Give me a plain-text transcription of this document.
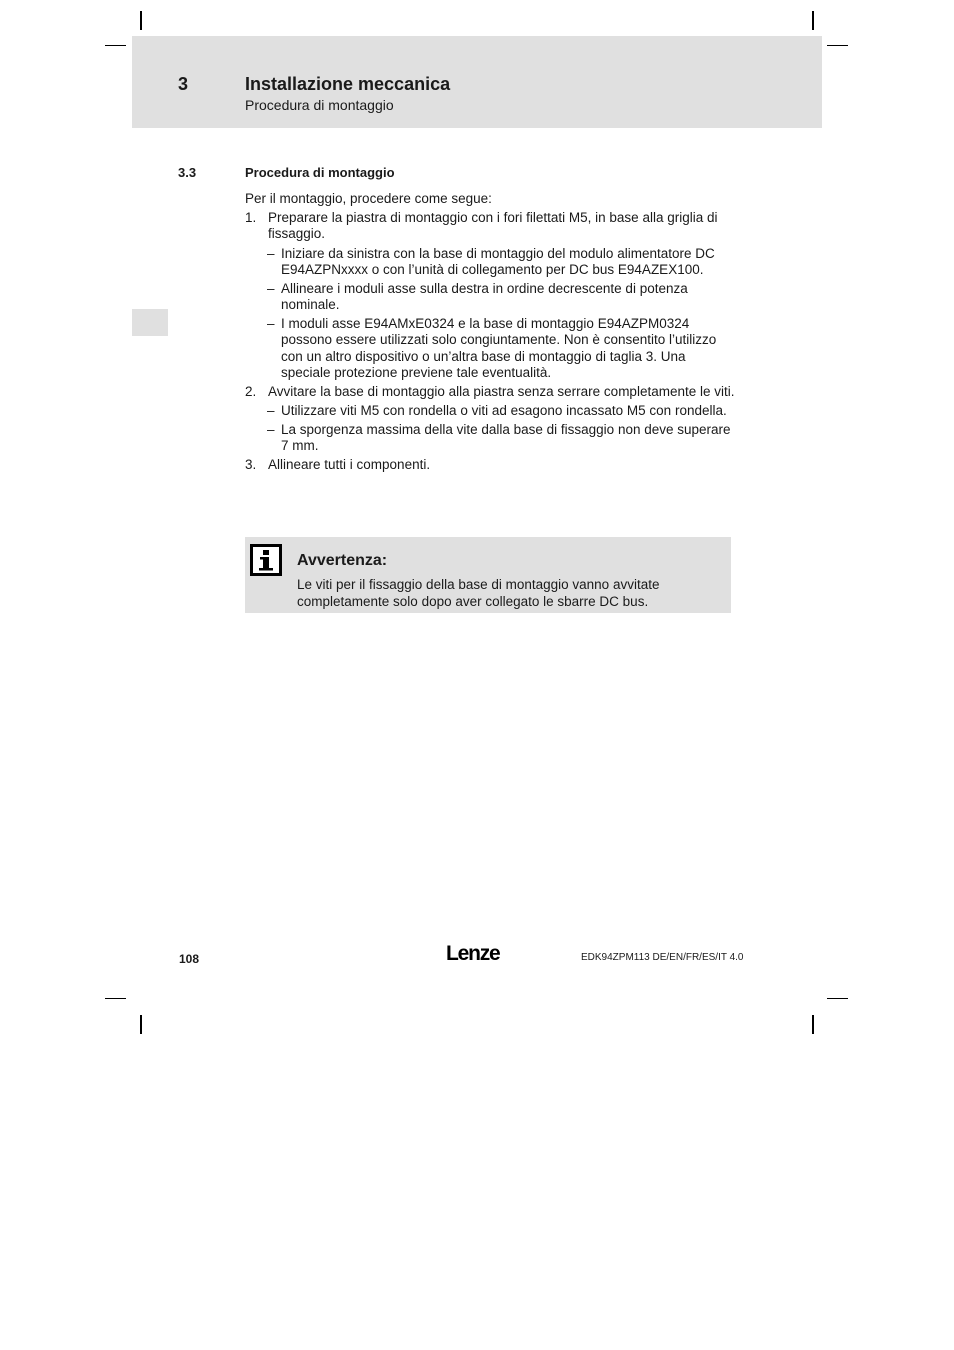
3	Installazione meccanica
Procedura di montaggio
3.3	Procedura di montaggio

Per il montaggio, procedere come segue:

1. Preparare la piastra di montaggio con i fori filettati M5, in base alla griglia di fissaggio.
– Iniziare da sinistra con la base di montaggio del modulo alimentatore DC E94AZPNxxxx o con l’unità di collegamento per DC bus E94AZEX100.
– Allineare i moduli asse sulla destra in ordine decrescente di potenza nominale.
– I moduli asse E94AMxE0324 e la base di montaggio E94AZPM0324 possono essere utilizzati solo congiuntamente. Non è consentito l’utilizzo con un altro dispositivo o un’altra base di montaggio di taglia 3. Una speciale protezione previene tale eventualità.
2. Avvitare la base di montaggio alla piastra senza serrare completamente le viti.
– Utilizzare viti M5 con rondella o viti ad esagono incassato M5 con rondella.
– La sporgenza massima della vite dalla base di fissaggio non deve superare 7 mm.
3. Allineare tutti i componenti.
Avvertenza:
Le viti per il fissaggio della base di montaggio vanno avvitate completamente solo dopo aver collegato le sbarre DC bus.
108	Lenze	EDK94ZPM113 DE/EN/FR/ES/IT 4.0
